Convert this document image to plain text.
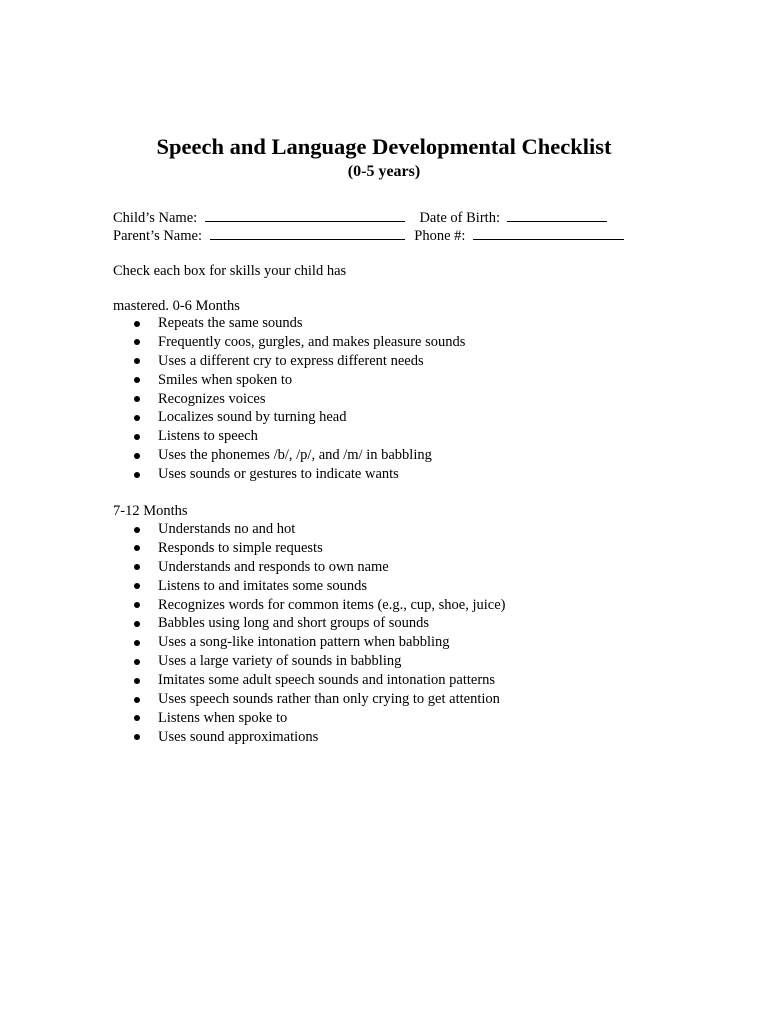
Speech and Language Developmental Checklist
(0-5 years)
Child’s Name:	Date of Birth:
Parent’s Name:	Phone #:
Check each box for skills your child has
mastered. 0-6 Months
Repeats the same sounds
Frequently coos, gurgles, and makes pleasure sounds
Uses a different cry to express different needs
Smiles when spoken to
Recognizes voices
Localizes sound by turning head
Listens to speech
Uses the phonemes /b/, /p/, and /m/ in babbling
Uses sounds or gestures to indicate wants
7-12 Months
Understands no and hot
Responds to simple requests
Understands and responds to own name
Listens to and imitates some sounds
Recognizes words for common items (e.g., cup, shoe, juice)
Babbles using long and short groups of sounds
Uses a song-like intonation pattern when babbling
Uses a large variety of sounds in babbling
Imitates some adult speech sounds and intonation patterns
Uses speech sounds rather than only crying to get attention
Listens when spoke to
Uses sound approximations
